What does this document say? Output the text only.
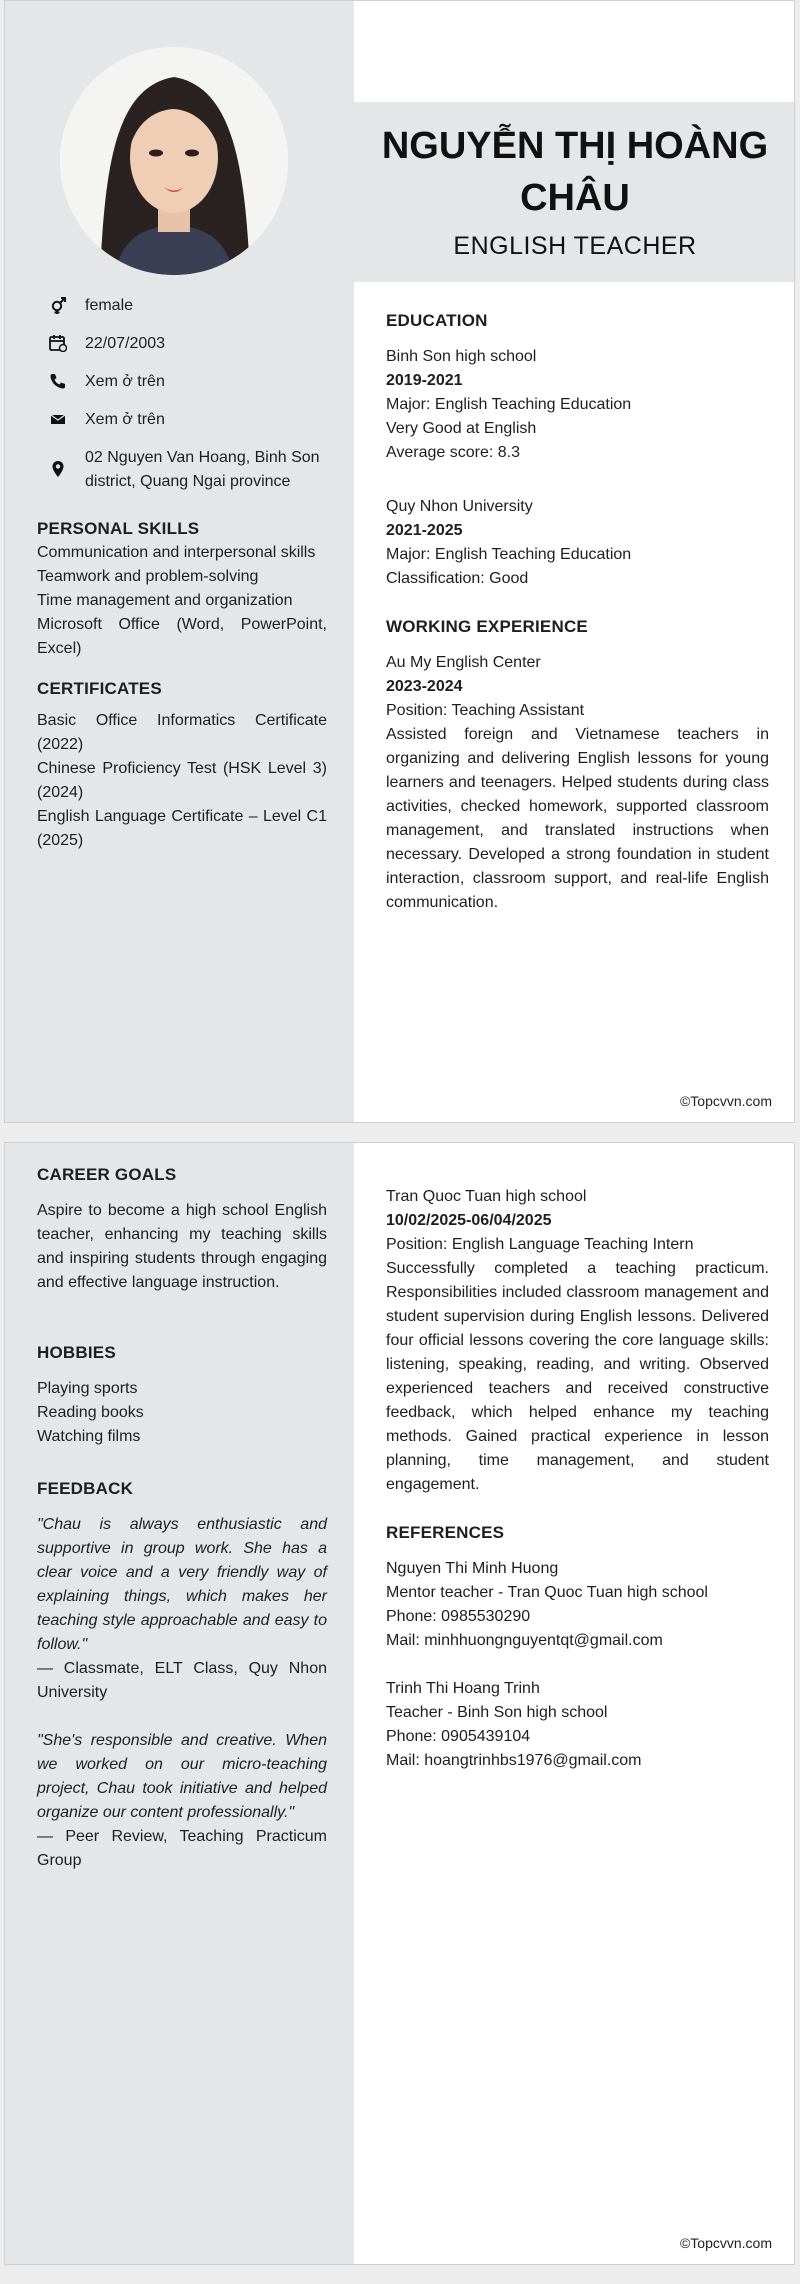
NGUYỄN THỊ HOÀNG CHÂU
ENGLISH TEACHER
female
22/07/2003
Xem ở trên
Xem ở trên
02 Nguyen Van Hoang, Binh Son district, Quang Ngai province
PERSONAL SKILLS
Communication and interpersonal skills
Teamwork and problem-solving
Time management and organization
Microsoft Office (Word, PowerPoint, Excel)
CERTIFICATES
Basic Office Informatics Certificate (2022)
Chinese Proficiency Test (HSK Level 3) (2024)
English Language Certificate – Level C1 (2025)
EDUCATION
Binh Son high school
2019-2021
Major: English Teaching Education
Very Good at English
Average score: 8.3
Quy Nhon University
2021-2025
Major: English Teaching Education
Classification: Good
WORKING EXPERIENCE
Au My English Center
2023-2024
Position: Teaching Assistant
Assisted foreign and Vietnamese teachers in organizing and delivering English lessons for young learners and teenagers. Helped students during class activities, checked homework, supported classroom management, and translated instructions when necessary. Developed a strong foundation in student interaction, classroom support, and real-life English communication.
©Topcvvn.com
CAREER GOALS
Aspire to become a high school English teacher, enhancing my teaching skills and inspiring students through engaging and effective language instruction.
HOBBIES
Playing sports
Reading books
Watching films
FEEDBACK
"Chau is always enthusiastic and supportive in group work. She has a clear voice and a very friendly way of explaining things, which makes her teaching style approachable and easy to follow."
— Classmate, ELT Class, Quy Nhon University
"She's responsible and creative. When we worked on our micro-teaching project, Chau took initiative and helped organize our content professionally."
— Peer Review, Teaching Practicum Group
Tran Quoc Tuan high school
10/02/2025-06/04/2025
Position: English Language Teaching Intern
Successfully completed a teaching practicum. Responsibilities included classroom management and student supervision during English lessons. Delivered four official lessons covering the core language skills: listening, speaking, reading, and writing. Observed experienced teachers and received constructive feedback, which helped enhance my teaching methods. Gained practical experience in lesson planning, time management, and student engagement.
REFERENCES
Nguyen Thi Minh Huong
Mentor teacher - Tran Quoc Tuan high school
Phone: 0985530290
Mail: minhhuongnguyentqt@gmail.com
Trinh Thi Hoang Trinh
Teacher - Binh Son high school
Phone: 0905439104
Mail: hoangtrinhbs1976@gmail.com
©Topcvvn.com
